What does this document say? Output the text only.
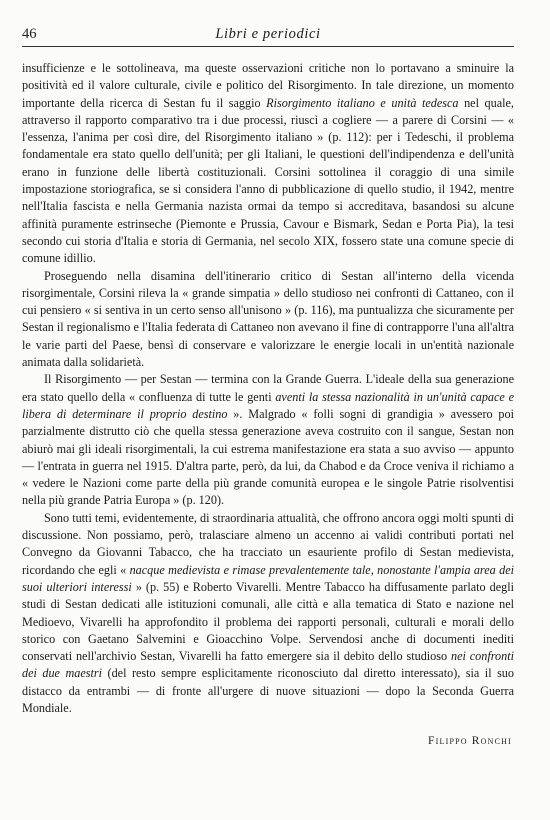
46	Libri e periodici

insufficienze e le sottolineava, ma queste osservazioni critiche non lo portavano a sminuire la positività ed il valore culturale, civile e politico del Risorgimento. In tale direzione, un momento importante della ricerca di Sestan fu il saggio Risorgimento italiano e unità tedesca nel quale, attraverso il rapporto comparativo tra i due processi, riuscì a cogliere — a parere di Corsini — « l'essenza, l'anima per così dire, del Risorgimento italiano » (p. 112): per i Tedeschi, il problema fondamentale era stato quello dell'unità; per gli Italiani, le questioni dell'indipendenza e dell'unità erano in funzione delle libertà costituzionali. Corsini sottolinea il coraggio di una simile impostazione storiografica, se si considera l'anno di pubblicazione di quello studio, il 1942, mentre nell'Italia fascista e nella Germania nazista ormai da tempo si accreditava, basandosi su alcune affinità puramente estrinseche (Piemonte e Prussia, Cavour e Bismark, Sedan e Porta Pia), la tesi secondo cui storia d'Italia e storia di Germania, nel secolo XIX, fossero state una comune specie di comune idillio.

Proseguendo nella disamina dell'itinerario critico di Sestan all'interno della vicenda risorgimentale, Corsini rileva la « grande simpatia » dello studioso nei confronti di Cattaneo, con il cui pensiero « si sentiva in un certo senso all'unisono » (p. 116), ma puntualizza che sicuramente per Sestan il regionalismo e l'Italia federata di Cattaneo non avevano il fine di contrapporre l'una all'altra le varie parti del Paese, bensì di conservare e valorizzare le energie locali in un'entità nazionale animata dalla solidarietà.

Il Risorgimento — per Sestan — termina con la Grande Guerra. L'ideale della sua generazione era stato quello della « confluenza di tutte le genti aventi la stessa nazionalità in un'unità capace e libera di determinare il proprio destino ». Malgrado « folli sogni di grandigia » avessero poi parzialmente distrutto ciò che quella stessa generazione aveva costruito con il sangue, Sestan non abiurò mai gli ideali risorgimentali, la cui estrema manifestazione era stata a suo avviso — appunto — l'entrata in guerra nel 1915. D'altra parte, però, da lui, da Chabod e da Croce veniva il richiamo a « vedere le Nazioni come parte della più grande comunità europea e le singole Patrie risolventisi nella più grande Patria Europa » (p. 120).

Sono tutti temi, evidentemente, di straordinaria attualità, che offrono ancora oggi molti spunti di discussione. Non possiamo, però, tralasciare almeno un accenno ai validi contributi portati nel Convegno da Giovanni Tabacco, che ha tracciato un esauriente profilo di Sestan medievista, ricordando che egli « nacque medievista e rimase prevalentemente tale, nonostante l'ampia area dei suoi ulteriori interessi » (p. 55) e Roberto Vivarelli. Mentre Tabacco ha diffusamente parlato degli studi di Sestan dedicati alle istituzioni comunali, alle città e alla tematica di Stato e nazione nel Medioevo, Vivarelli ha approfondito il problema dei rapporti personali, culturali e morali dello storico con Gaetano Salvemini e Gioacchino Volpe. Servendosi anche di documenti inediti conservati nell'archivio Sestan, Vivarelli ha fatto emergere sia il debito dello studioso nei confronti dei due maestri (del resto sempre esplicitamente riconosciuto dal diretto interessato), sia il suo distacco da entrambi — di fronte all'urgere di nuove situazioni — dopo la Seconda Guerra Mondiale.

Filippo Ronchi
